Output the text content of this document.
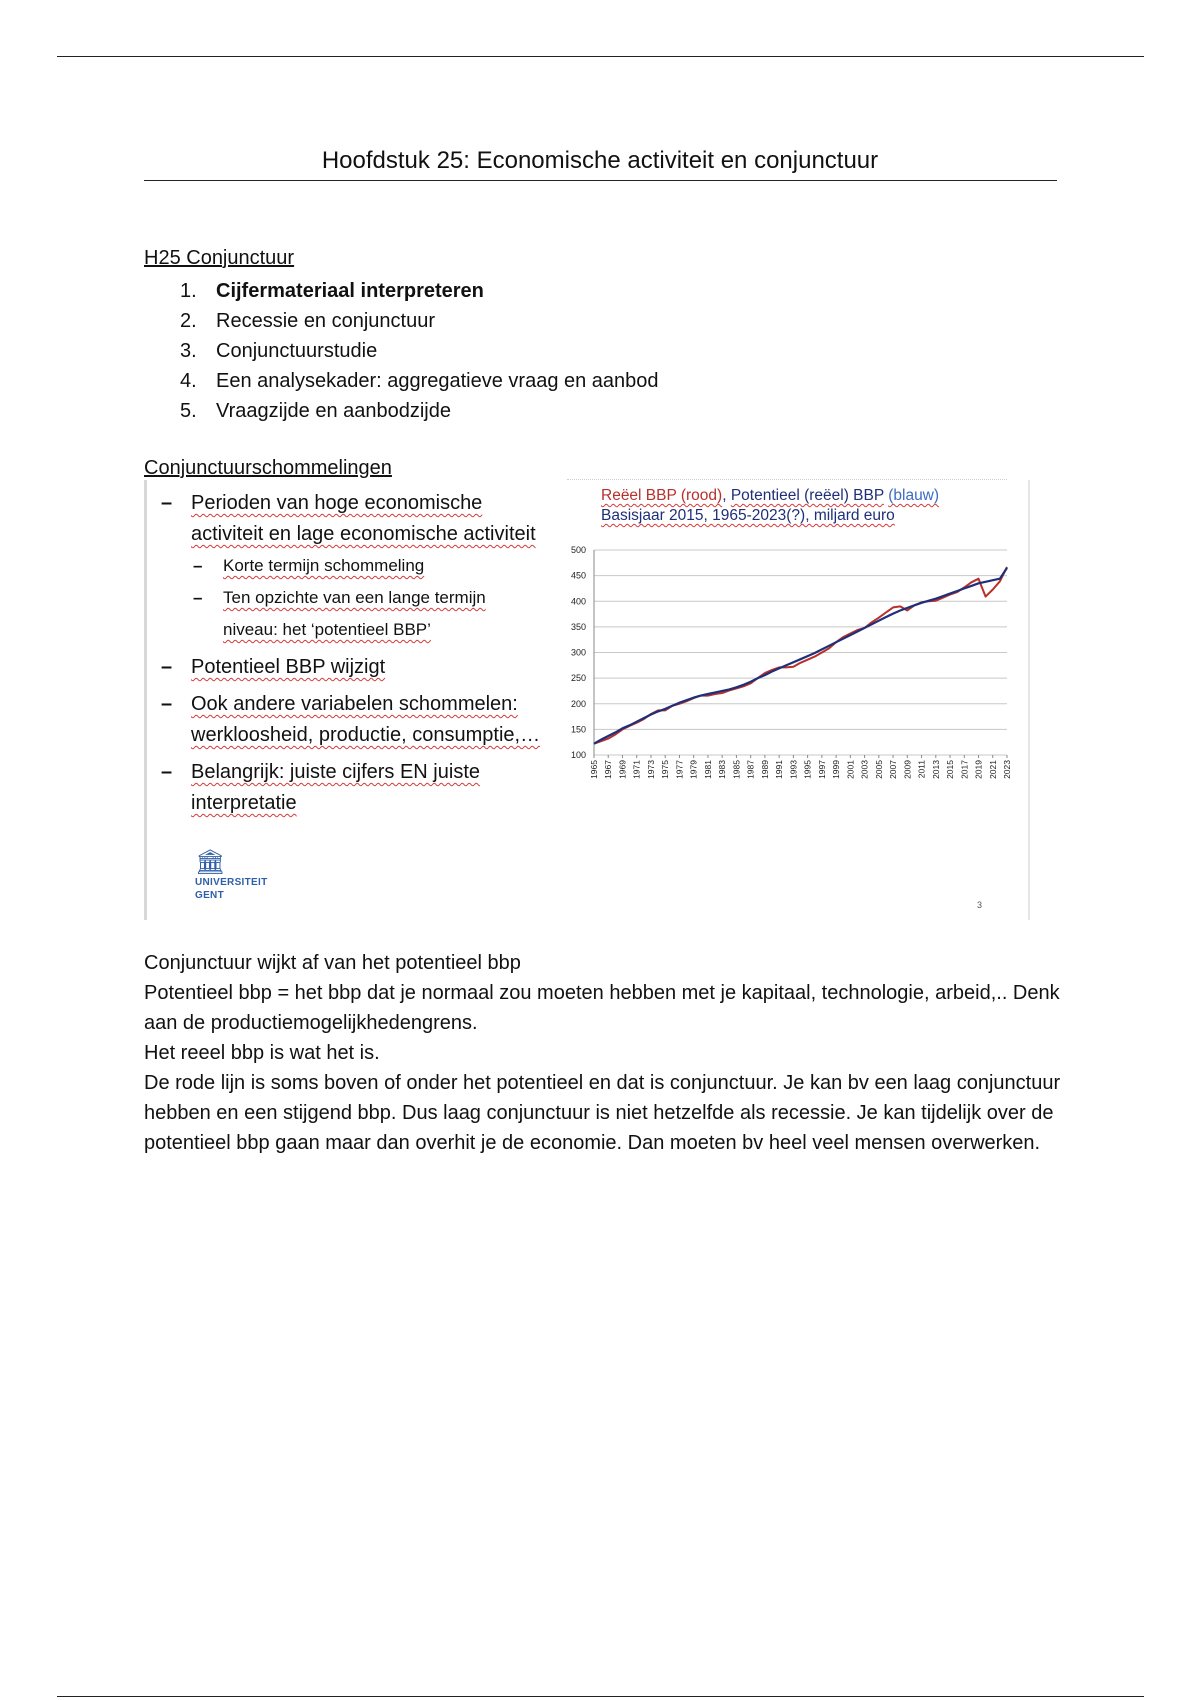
Hoofdstuk 25: Economische activiteit en conjunctuur
H25 Conjunctuur
1. Cijfermateriaal interpreteren
2. Recessie en conjunctuur
3. Conjunctuurstudie
4. Een analysekader: aggregatieve vraag en aanbod
5. Vraagzijde en aanbodzijde
Conjunctuurschommelingen
– Perioden van hoge economische activiteit en lage economische activiteit
– Korte termijn schommeling
– Ten opzichte van een lange termijn niveau: het ‘potentieel BBP’
– Potentieel BBP wijzigt
– Ook andere variabelen schommelen: werkloosheid, productie, consumptie,…
– Belangrijk: juiste cijfers EN juiste interpretatie
🏛
UNIVERSITEIT
GENT
Reëel BBP (rood), Potentieel (reëel) BBP (blauw)
Basisjaar 2015, 1965-2023(?), miljard euro
100
150
200
250
300
350
400
450
500
1965 1967 1969 1971 1973 1975 1977 1979 1981 1983 1985 1987 1989 1991 1993 1995 1997 1999 2001 2003 2005 2007 2009 2011 2013 2015 2017 2019 2021 2023
3

Conjunctuur wijkt af van het potentieel bbp

Potentieel bbp = het bbp dat je normaal zou moeten hebben met je kapitaal, technologie, arbeid,.. Denk aan de productiemogelijkhedengrens.

Het reeel bbp is wat het is.

De rode lijn is soms boven of onder het potentieel en dat is conjunctuur. Je kan bv een laag conjunctuur hebben en een stijgend bbp. Dus laag conjunctuur is niet hetzelfde als recessie. Je kan tijdelijk over de potentieel bbp gaan maar dan overhit je de economie. Dan moeten bv heel veel mensen overwerken.
